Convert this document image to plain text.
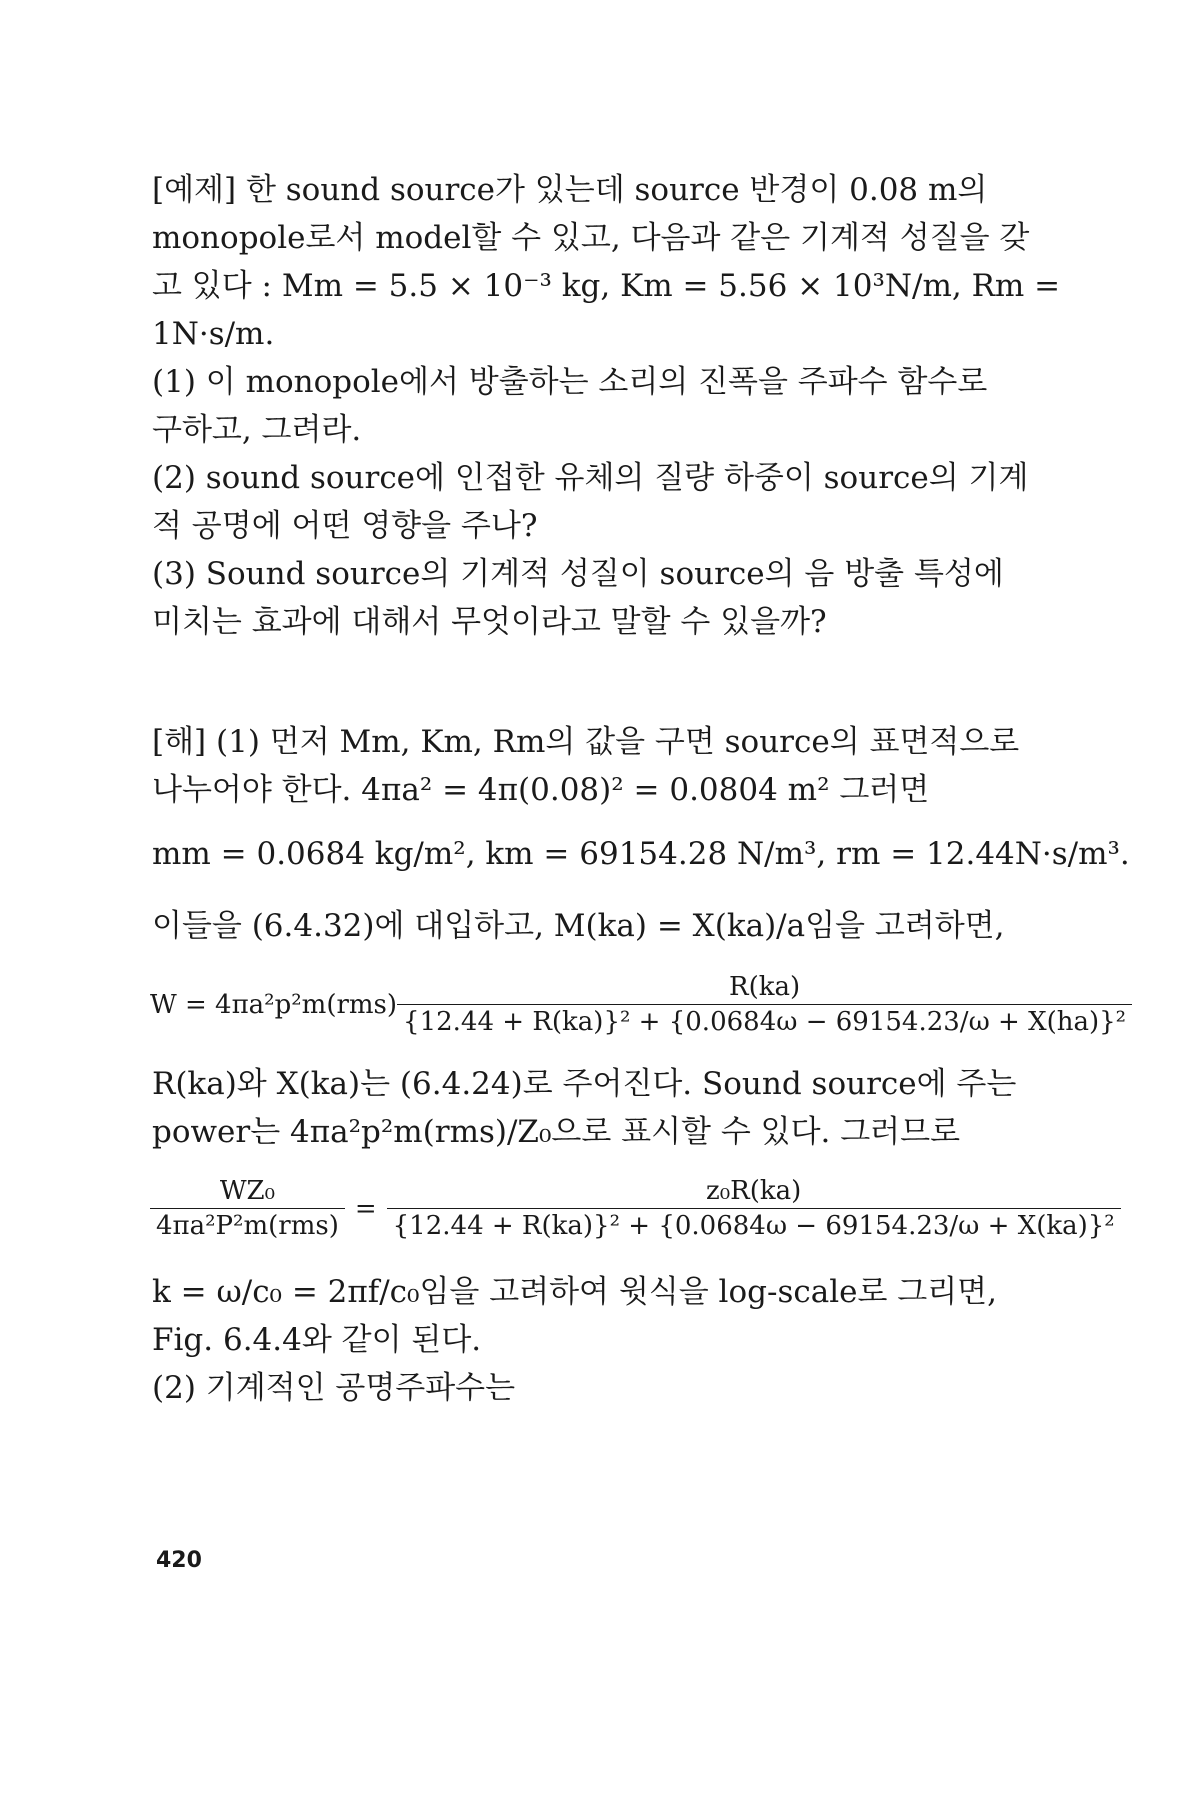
[예제] 한 sound source가 있는데 source 반경이 0.08 m의
monopole로서 model할 수 있고, 다음과 같은 기계적 성질을 갖
고 있다 : Mm = 5.5 × 10⁻³ kg, Km = 5.56 × 10³N/m, Rm =
1N·s/m.
(1) 이 monopole에서 방출하는 소리의 진폭을 주파수 함수로
구하고, 그려라.
(2) sound source에 인접한 유체의 질량 하중이 source의 기계
적 공명에 어떤 영향을 주나?
(3) Sound source의 기계적 성질이 source의 음 방출 특성에
미치는 효과에 대해서 무엇이라고 말할 수 있을까?
[해] (1) 먼저 Mm, Km, Rm의 값을 구면 source의 표면적으로
나누어야 한다. 4πa² = 4π(0.08)² = 0.0804 m² 그러면
mm = 0.0684 kg/m², km = 69154.28 N/m³, rm = 12.44N·s/m³.
이들을 (6.4.32)에 대입하고, M(ka) = X(ka)/a임을 고려하면,
$W = 4\pi a^2p^2m(rms) \frac{R(ka)}{\text{\{12.44 + R(ka)\}² + \{0.0684ω − 69154.23/ω + X(ha)\}²}}$
R(ka)와 X(ka)는 (6.4.24)로 주어진다. Sound source에 주는
power는 4πa²p²m(rms)/Z₀으로 표시할 수 있다. 그러므로
$\frac{\text{WZ₀}}{\text{4πa²P²m(rms)}} = \frac{\text{z₀R(ka)}}{\text{\{12.44 + R(ka)\}² + \{0.0684ω − 69154.23/ω + X(ka)\}²}}$
k = ω/c₀ = 2πf/c₀임을 고려하여 윗식을 log-scale로 그리면,
Fig. 6.4.4와 같이 된다.
(2) 기계적인 공명주파수는
420
